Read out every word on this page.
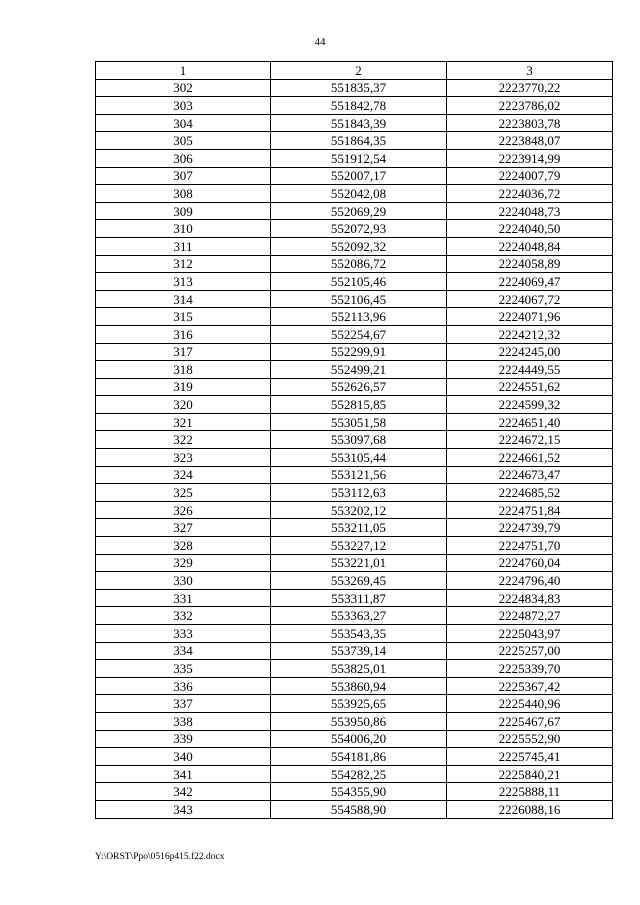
44
1	2	3
302	551835,37	2223770,22
303	551842,78	2223786,02
304	551843,39	2223803,78
305	551864,35	2223848,07
306	551912,54	2223914,99
307	552007,17	2224007,79
308	552042,08	2224036,72
309	552069,29	2224048,73
310	552072,93	2224040,50
311	552092,32	2224048,84
312	552086,72	2224058,89
313	552105,46	2224069,47
314	552106,45	2224067,72
315	552113,96	2224071,96
316	552254,67	2224212,32
317	552299,91	2224245,00
318	552499,21	2224449,55
319	552626,57	2224551,62
320	552815,85	2224599,32
321	553051,58	2224651,40
322	553097,68	2224672,15
323	553105,44	2224661,52
324	553121,56	2224673,47
325	553112,63	2224685,52
326	553202,12	2224751,84
327	553211,05	2224739,79
328	553227,12	2224751,70
329	553221,01	2224760,04
330	553269,45	2224796,40
331	553311,87	2224834,83
332	553363,27	2224872,27
333	553543,35	2225043,97
334	553739,14	2225257,00
335	553825,01	2225339,70
336	553860,94	2225367,42
337	553925,65	2225440,96
338	553950,86	2225467,67
339	554006,20	2225552,90
340	554181,86	2225745,41
341	554282,25	2225840,21
342	554355,90	2225888,11
343	554588,90	2226088,16
Y:\ORST\Ppo\0516p415.f22.docx
